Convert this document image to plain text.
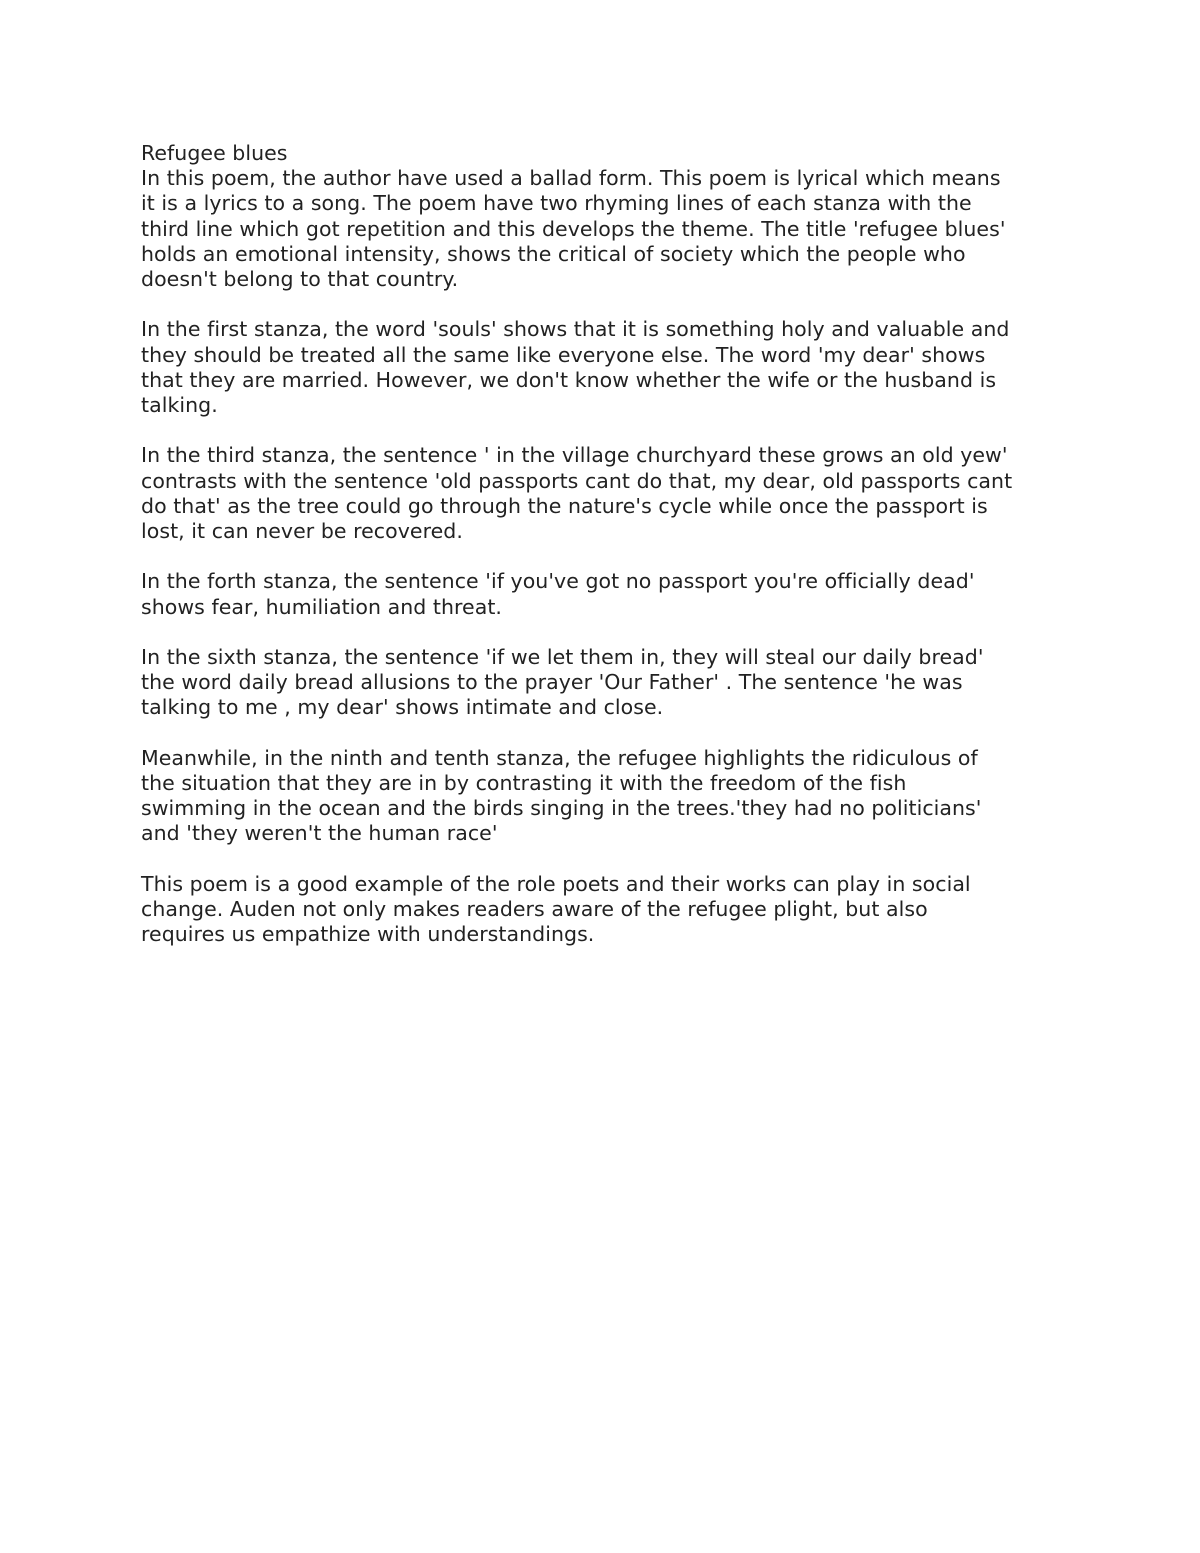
Refugee blues

In this poem, the author have used a ballad form. This poem is lyrical which means
it is a lyrics to a song. The poem have two rhyming lines of each stanza with the
third line which got repetition and this develops the theme. The title 'refugee blues'
holds an emotional intensity, shows the critical of society which the people who
doesn't belong to that country.

In the first stanza, the word 'souls' shows that it is something holy and valuable and
they should be treated all the same like everyone else. The word 'my dear' shows
that they are married. However, we don't know whether the wife or the husband is
talking.

In the third stanza, the sentence ' in the village churchyard these grows an old yew'
contrasts with the sentence 'old passports cant do that, my dear, old passports cant
do that' as the tree could go through the nature's cycle while once the passport is
lost, it can never be recovered.

In the forth stanza, the sentence 'if you've got no passport you're officially dead'
shows fear, humiliation and threat.

In the sixth stanza, the sentence 'if we let them in, they will steal our daily bread'
the word daily bread allusions to the prayer 'Our Father' . The sentence 'he was
talking to me , my dear' shows intimate and close.

Meanwhile, in the ninth and tenth stanza, the refugee highlights the ridiculous of
the situation that they are in by contrasting it with the freedom of the fish
swimming in the ocean and the birds singing in the trees.'they had no politicians'
and 'they weren't the human race'

This poem is a good example of the role poets and their works can play in social
change. Auden not only makes readers aware of the refugee plight, but also
requires us empathize with understandings.
